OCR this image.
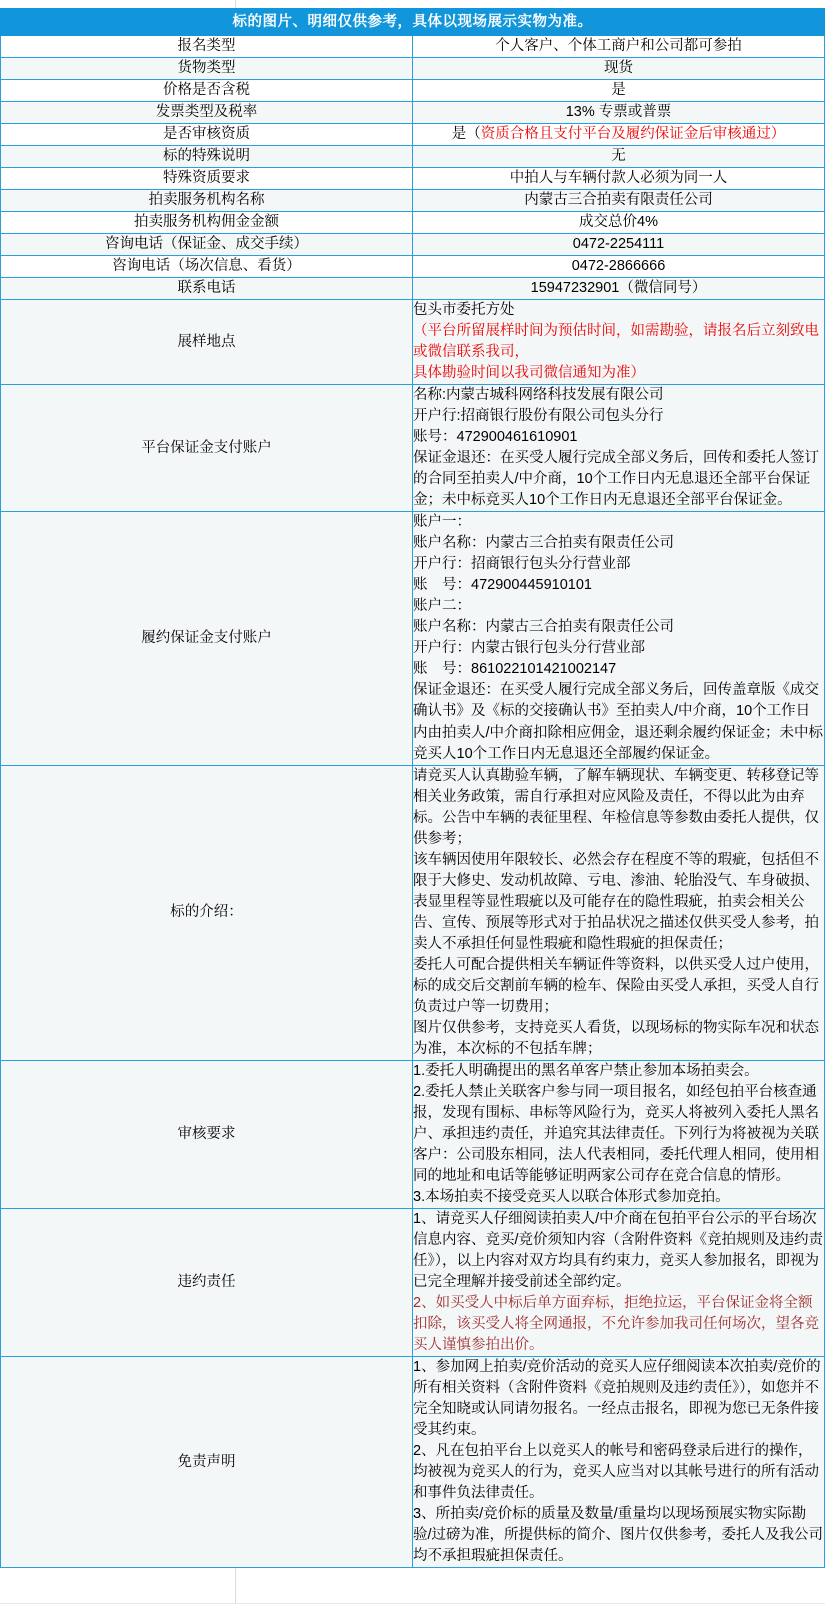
标的图片、明细仅供参考，具体以现场展示实物为准。	
报名类型	个人客户、个体工商户和公司都可参拍
货物类型	现货
价格是否含税	是
发票类型及税率	13% 专票或普票
是否审核资质	是（资质合格且支付平台及履约保证金后审核通过）
标的特殊说明	无
特殊资质要求	中拍人与车辆付款人必须为同一人
拍卖服务机构名称	内蒙古三合拍卖有限责任公司
拍卖服务机构佣金金额	成交总价4%
咨询电话（保证金、成交手续）	0472-2254111
咨询电话（场次信息、看货）	0472-2866666
联系电话	15947232901（微信同号）
展样地点	包头市委托方处

（平台所留展样时间为预估时间，如需勘验，请报名后立刻致电或微信联系我司，

具体勘验时间以我司微信通知为准）

平台保证金支付账户	名称:内蒙古城科网络科技发展有限公司

开户行:招商银行股份有限公司包头分行

账号：472900461610901

保证金退还：在买受人履行完成全部义务后，回传和委托人签订的合同至拍卖人/中介商，10个工作日内无息退还全部平台保证金；未中标竞买人10个工作日内无息退还全部平台保证金。

履约保证金支付账户	

账户一：

账户名称：内蒙古三合拍卖有限责任公司

开户行：招商银行包头分行营业部

账　号：472900445910101

账户二：

账户名称：内蒙古三合拍卖有限责任公司

开户行：内蒙古银行包头分行营业部

账　号：861022101421002147

保证金退还：在买受人履行完成全部义务后，回传盖章版《成交确认书》及《标的交接确认书》至拍卖人/中介商，10个工作日内由拍卖人/中介商扣除相应佣金，退还剩余履约保证金；未中标竞买人10个工作日内无息退还全部履约保证金。

标的介绍：	请竞买人认真勘验车辆，了解车辆现状、车辆变更、转移登记等相关业务政策，需自行承担对应风险及责任，不得以此为由弃标。公告中车辆的表征里程、年检信息等参数由委托人提供，仅供参考；

该车辆因使用年限较长、必然会存在程度不等的瑕疵，包括但不限于大修史、发动机故障、亏电、渗油、轮胎没气、车身破损、表显里程等显性瑕疵以及可能存在的隐性瑕疵，拍卖会相关公告、宣传、预展等形式对于拍品状况之描述仅供买受人参考，拍卖人不承担任何显性瑕疵和隐性瑕疵的担保责任；

委托人可配合提供相关车辆证件等资料，以供买受人过户使用，标的成交后交割前车辆的检车、保险由买受人承担，买受人自行负责过户等一切费用；

图片仅供参考，支持竞买人看货，以现场标的物实际车况和状态为准，本次标的不包括车牌；

审核要求	1.委托人明确提出的黑名单客户禁止参加本场拍卖会。

2.委托人禁止关联客户参与同一项目报名，如经包拍平台核查通报，发现有围标、串标等风险行为，竞买人将被列入委托人黑名户、承担违约责任，并追究其法律责任。下列行为将被视为关联客户：公司股东相同，法人代表相同，委托代理人相同，使用相同的地址和电话等能够证明两家公司存在竞合信息的情形。

3.本场拍卖不接受竞买人以联合体形式参加竞拍。

违约责任	1、请竞买人仔细阅读拍卖人/中介商在包拍平台公示的平台场次信息内容、竞买/竞价须知内容（含附件资料《竞拍规则及违约责任》），以上内容对双方均具有约束力，竞买人参加报名，即视为已完全理解并接受前述全部约定。

2、如买受人中标后单方面弃标，拒绝拉运，平台保证金将全额扣除，该买受人将全网通报，不允许参加我司任何场次，望各竞买人谨慎参拍出价。

免责声明	1、参加网上拍卖/竞价活动的竞买人应仔细阅读本次拍卖/竞价的所有相关资料（含附件资料《竞拍规则及违约责任》），如您并不完全知晓或认同请勿报名。一经点击报名，即视为您已无条件接受其约束。

2、凡在包拍平台上以竞买人的帐号和密码登录后进行的操作，均被视为竞买人的行为，竞买人应当对以其帐号进行的所有活动和事件负法律责任。

3、所拍卖/竞价标的质量及数量/重量均以现场预展实物实际勘验/过磅为准，所提供标的简介、图片仅供参考，委托人及我公司均不承担瑕疵担保责任。
